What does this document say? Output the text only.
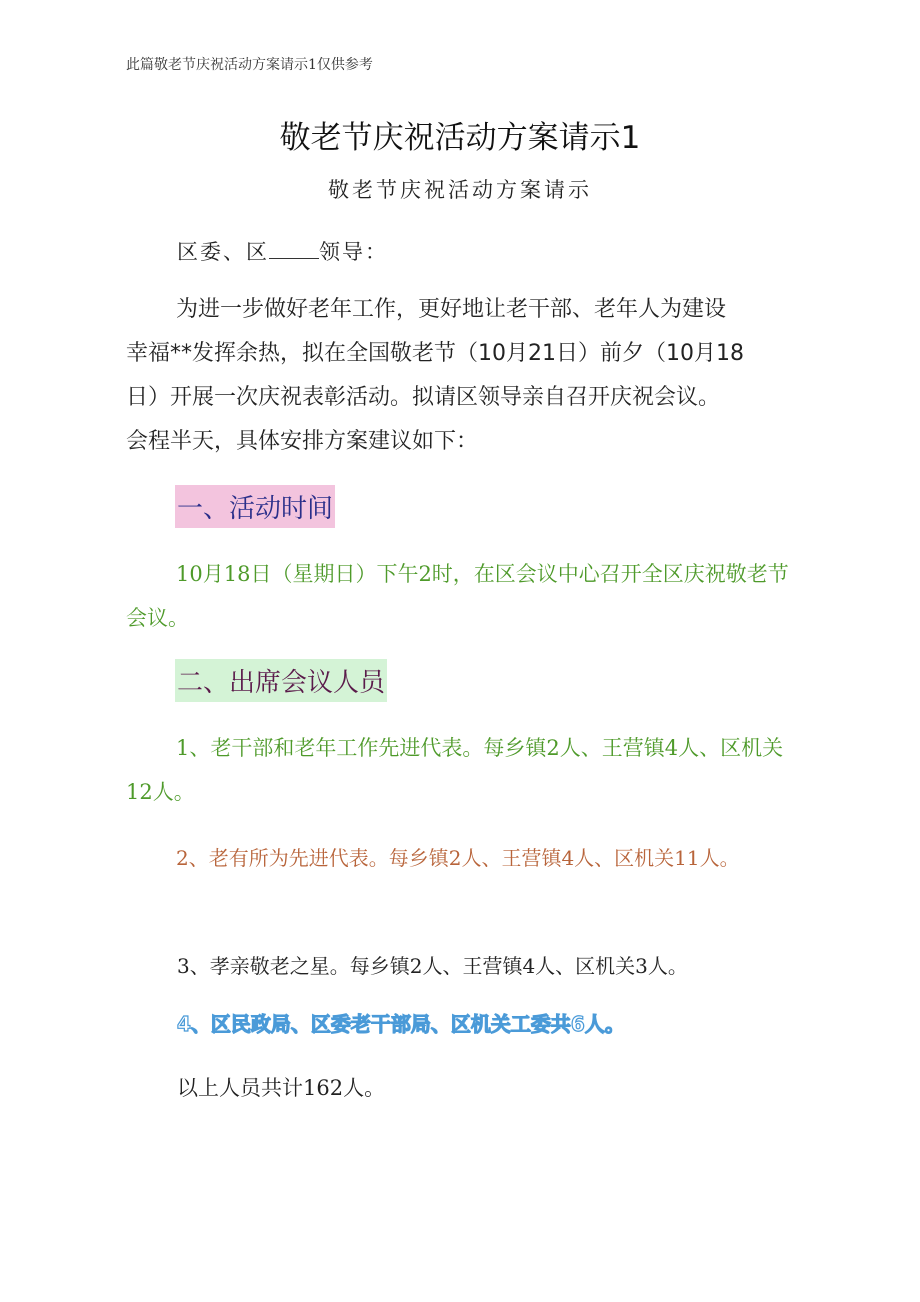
此篇敬老节庆祝活动方案请示1仅供参考
敬老节庆祝活动方案请示1
敬老节庆祝活动方案请示
区委、区 领导：
为进一步做好老年工作，更好地让老干部、老年人为建设
幸福**发挥余热，拟在全国敬老节（10月21日）前夕（10月18
日）开展一次庆祝表彰活动。拟请区领导亲自召开庆祝会议。
会程半天，具体安排方案建议如下：
一、活动时间
10月18日（星期日）下午2时，在区会议中心召开全区庆祝敬老节会议。
二、出席会议人员
1、老干部和老年工作先进代表。每乡镇2人、王营镇4人、区机关12人。
2、老有所为先进代表。每乡镇2人、王营镇4人、区机关11人。
3、孝亲敬老之星。每乡镇2人、王营镇4人、区机关3人。
4、区民政局、区委老干部局、区机关工委共6人。
以上人员共计162人。
